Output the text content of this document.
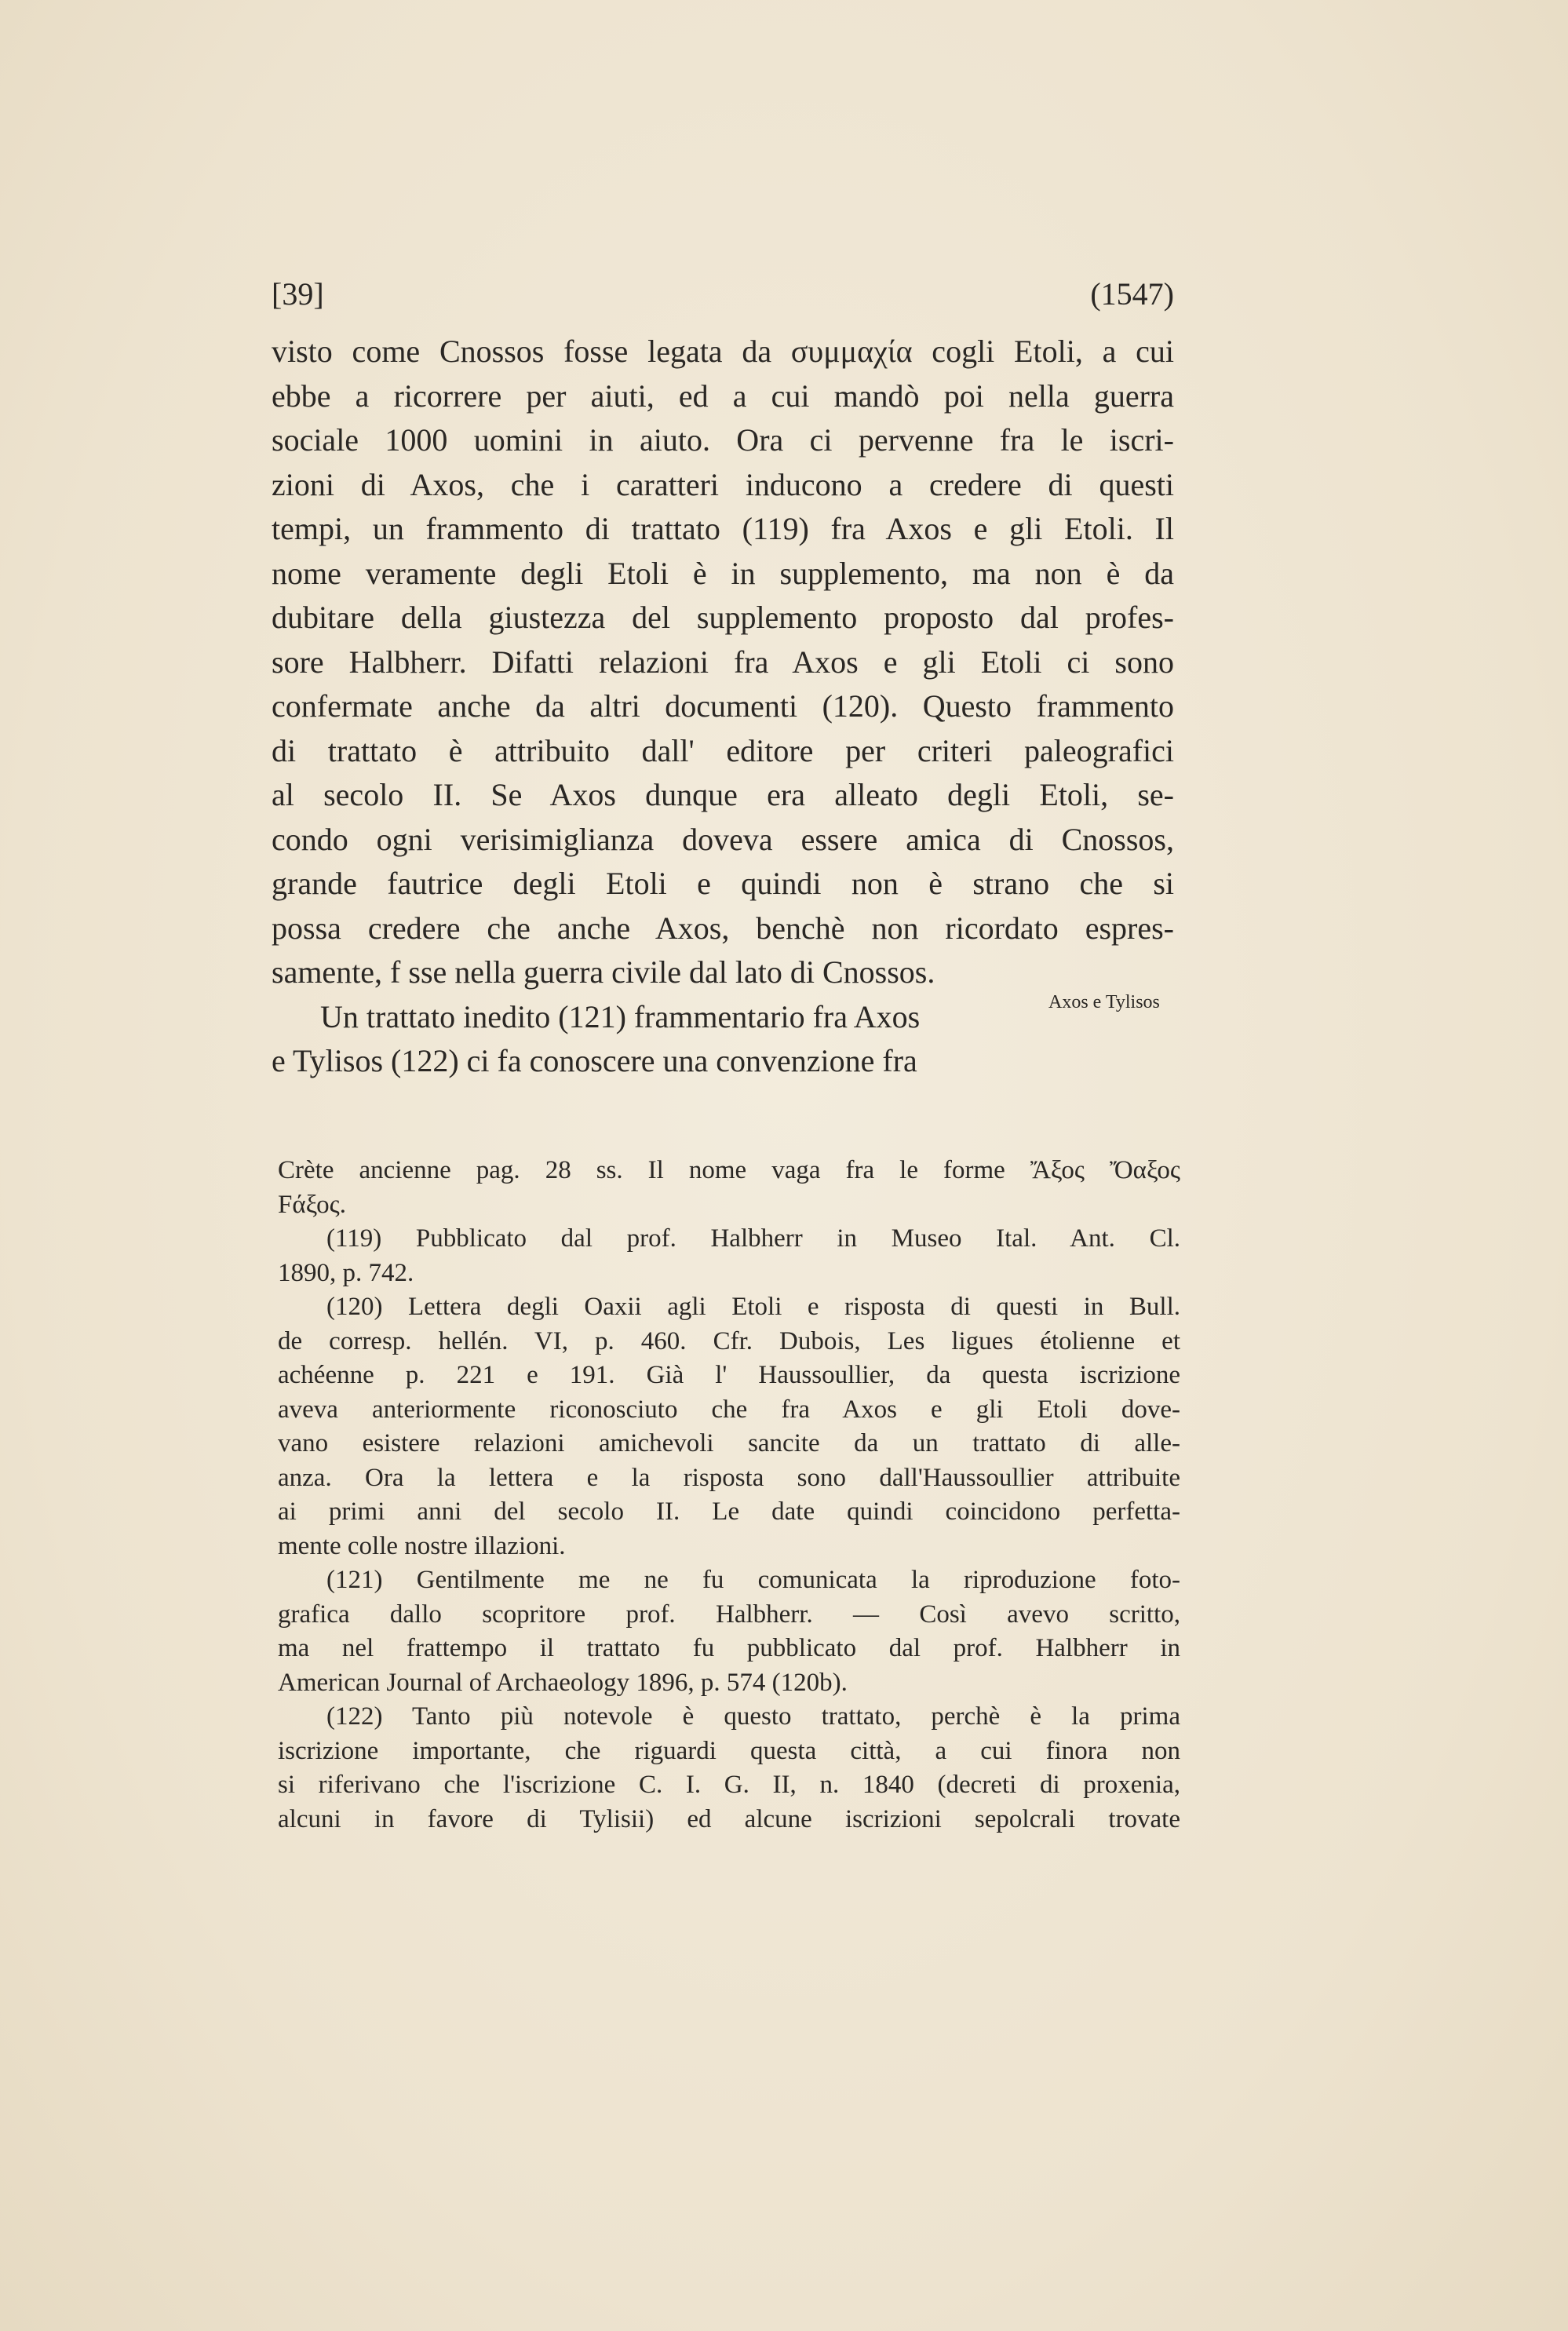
[39]	(1547)

visto come Cnossos fosse legata da συμμαχία cogli Etoli, a cui
ebbe a ricorrere per aiuti, ed a cui mandò poi nella guerra
sociale 1000 uomini in aiuto. Ora ci pervenne fra le iscri-
zioni di Axos, che i caratteri inducono a credere di questi
tempi, un frammento di trattato (119) fra Axos e gli Etoli. Il
nome veramente degli Etoli è in supplemento, ma non è da
dubitare della giustezza del supplemento proposto dal profes-
sore Halbherr. Difatti relazioni fra Axos e gli Etoli ci sono
confermate anche da altri documenti (120). Questo frammento
di trattato è attribuito dall' editore per criteri paleografici
al secolo II. Se Axos dunque era alleato degli Etoli, se-
condo ogni verisimiglianza doveva essere amica di Cnossos,
grande fautrice degli Etoli e quindi non è strano che si
possa credere che anche Axos, benchè non ricordato espres-
samente, f sse nella guerra civile dal lato di Cnossos.

Un trattato inedito (121) frammentario fra Axos
e Tylisos (122) ci fa conoscere una convenzione fra

Axos e Tylisos
Crète ancienne pag. 28 ss. Il nome vaga fra le forme Ἄξος Ὄαξος
Fάξος.
(119) Pubblicato dal prof. Halbherr in Museo Ital. Ant. Cl.
1890, p. 742.
(120) Lettera degli Oaxii agli Etoli e risposta di questi in Bull.
de corresp. hellén. VI, p. 460. Cfr. Dubois, Les ligues étolienne et
achéenne p. 221 e 191. Già l' Haussoullier, da questa iscrizione
aveva anteriormente riconosciuto che fra Axos e gli Etoli dove-
vano esistere relazioni amichevoli sancite da un trattato di alle-
anza. Ora la lettera e la risposta sono dall'Haussoullier attribuite
ai primi anni del secolo II. Le date quindi coincidono perfetta-
mente colle nostre illazioni.
(121) Gentilmente me ne fu comunicata la riproduzione foto-
grafica dallo scopritore prof. Halbherr. — Così avevo scritto,
ma nel frattempo il trattato fu pubblicato dal prof. Halbherr in
American Journal of Archaeology 1896, p. 574 (120b).
(122) Tanto più notevole è questo trattato, perchè è la prima
iscrizione importante, che riguardi questa città, a cui finora non
si riferivano che l'iscrizione C. I. G. II, n. 1840 (decreti di proxenia,
alcuni in favore di Tylisii) ed alcune iscrizioni sepolcrali trovate
